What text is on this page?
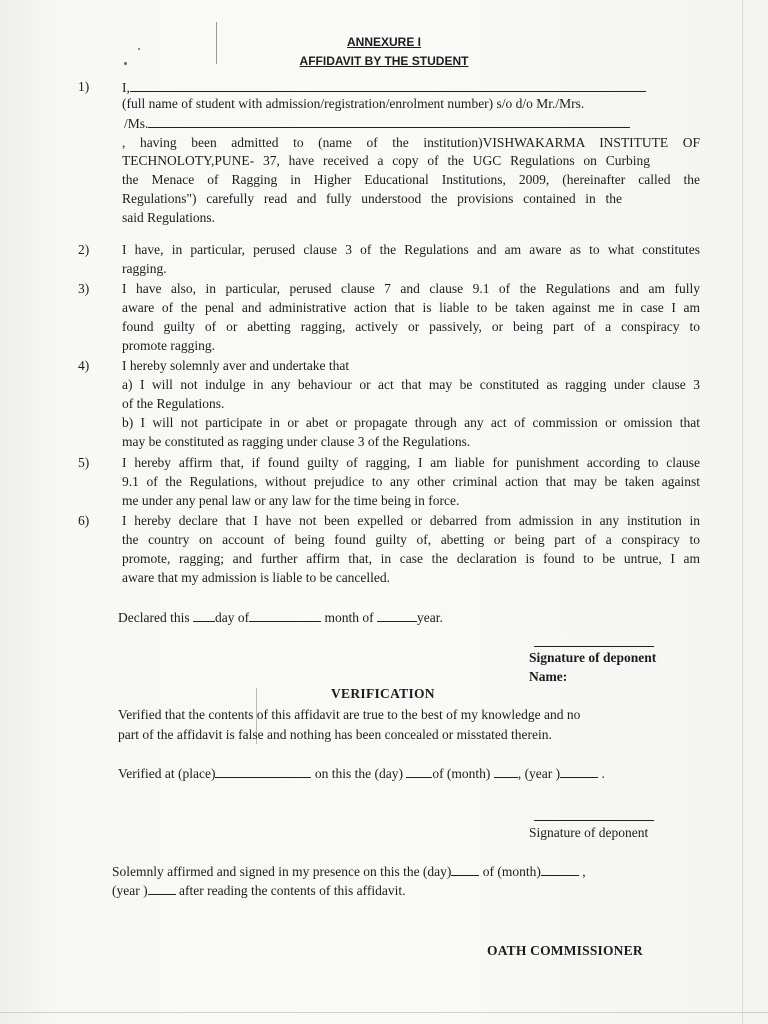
ANNEXURE I
AFFIDAVIT BY THE STUDENT
1) I,
(full name of student with admission/registration/enrolment number) s/o d/o Mr./Mrs.
/Ms.
, having been admitted to (name of the institution)VISHWAKARMA INSTITUTE OF
TECHNOLOTY,PUNE- 37, have received a copy of the UGC Regulations on Curbing
the Menace of Ragging in Higher Educational Institutions, 2009, (hereinafter called the
Regulations") carefully read and fully understood the provisions contained in the
said Regulations.
2) I have, in particular, perused clause 3 of the Regulations and am aware as to what constitutes
ragging.
3) I have also, in particular, perused clause 7 and clause 9.1 of the Regulations and am fully
aware of the penal and administrative action that is liable to be taken against me in case I am
found guilty of or abetting ragging, actively or passively, or being part of a conspiracy to
promote ragging.
4) I hereby solemnly aver and undertake that
a) I will not indulge in any behaviour or act that may be constituted as ragging under clause 3
of the Regulations.
b) I will not participate in or abet or propagate through any act of commission or omission that
may be constituted as ragging under clause 3 of the Regulations.
5) I hereby affirm that, if found guilty of ragging, I am liable for punishment according to clause
9.1 of the Regulations, without prejudice to any other criminal action that may be taken against
me under any penal law or any law for the time being in force.
6) I hereby declare that I have not been expelled or debarred from admission in any institution in
the country on account of being found guilty of, abetting or being part of a conspiracy to
promote, ragging; and further affirm that, in case the declaration is found to be untrue, I am
aware that my admission is liable to be cancelled.
Declared this day of	month of	year.
Signature of deponent
Name:
VERIFICATION
Verified that the contents of this affidavit are true to the best of my knowledge and no
part of the affidavit is false and nothing has been concealed or misstated therein.
Verified at (place)	on this the (day) of (month) , (year )	.
Signature of deponent
Solemnly affirmed and signed in my presence on this the (day) of (month)	,
(year ) after reading the contents of this affidavit.
OATH COMMISSIONER
